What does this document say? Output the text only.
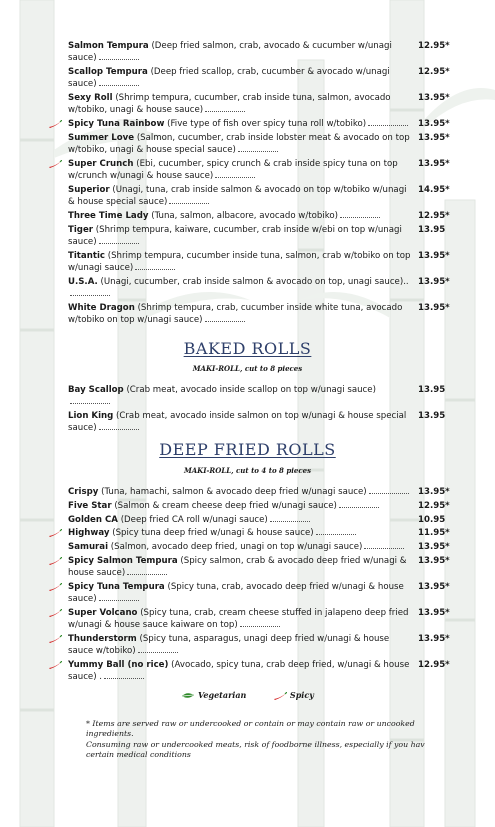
Salmon Tempura (Deep fried salmon, crab, avocado & cucumber w/unagi sauce)
12.95*
Scallop Tempura (Deep fried scallop, crab, cucumber & avocado w/unagi sauce)
12.95*
Sexy Roll (Shrimp tempura, cucumber, crab inside tuna, salmon, avocado w/tobiko, unagi & house sauce)
13.95*
Spicy Tuna Rainbow (Five type of fish over spicy tuna roll w/tobiko)	13.95*
Summer Love (Salmon, cucumber, crab inside lobster meat & avocado on top w/tobiko, unagi & house special sauce)
13.95*
Super Crunch (Ebi, cucumber, spicy crunch & crab inside spicy tuna on top w/crunch w/unagi & house sauce)
13.95*
Superior (Unagi, tuna, crab inside salmon & avocado on top w/tobiko w/unagi & house special sauce)
14.95*
Three Time Lady (Tuna, salmon, albacore, avocado w/tobiko)	12.95*
Tiger (Shrimp tempura, kaiware, cucumber, crab inside w/ebi on top w/unagi sauce)
13.95
Titantic (Shrimp tempura, cucumber inside tuna, salmon, crab w/tobiko on top w/unagi sauce)
13.95*
U.S.A. (Unagi, cucumber, crab inside salmon & avocado on top, unagi sauce)..	13.95*
White Dragon (Shrimp tempura, crab, cucumber inside white tuna, avocado w/tobiko on top w/unagi sauce)
13.95*
BAKED ROLLS
MAKI-ROLL, cut to 8 pieces
Bay Scallop (Crab meat, avocado inside scallop on top w/unagi sauce)	13.95
Lion King (Crab meat, avocado inside salmon on top w/unagi & house special sauce)
13.95
DEEP FRIED ROLLS
MAKI-ROLL, cut to 4 to 8 pieces
Crispy (Tuna, hamachi, salmon & avocado deep fried w/unagi sauce)	13.95*
Five Star (Salmon & cream cheese deep fried w/unagi sauce)	12.95*
Golden CA (Deep fried CA roll w/unagi sauce)	10.95
Highway (Spicy tuna deep fried w/unagi & house sauce)	11.95*
Samurai (Salmon, avocado deep fried, unagi on top w/unagi sauce)	13.95*
Spicy Salmon Tempura (Spicy salmon, crab & avocado deep fried w/unagi & house sauce)
13.95*
Spicy Tuna Tempura (Spicy tuna, crab, avocado deep fried w/unagi & house sauce)
13.95*
Super Volcano (Spicy tuna, crab, cream cheese stuffed in jalapeno deep fried w/unagi & house sauce kaiware on top)
13.95*
Thunderstorm (Spicy tuna, asparagus, unagi deep fried w/unagi & house sauce w/tobiko)
13.95*
Yummy Ball (no rice) (Avocado, spicy tuna, crab deep fried, w/unagi & house sauce) .
12.95*
Vegetarian	Spicy

* Items are served raw or undercooked or contain or may contain raw or uncooked ingredients.

Consuming raw or undercooked meats, risk of foodborne illness, especially if you hav certain medical conditions
